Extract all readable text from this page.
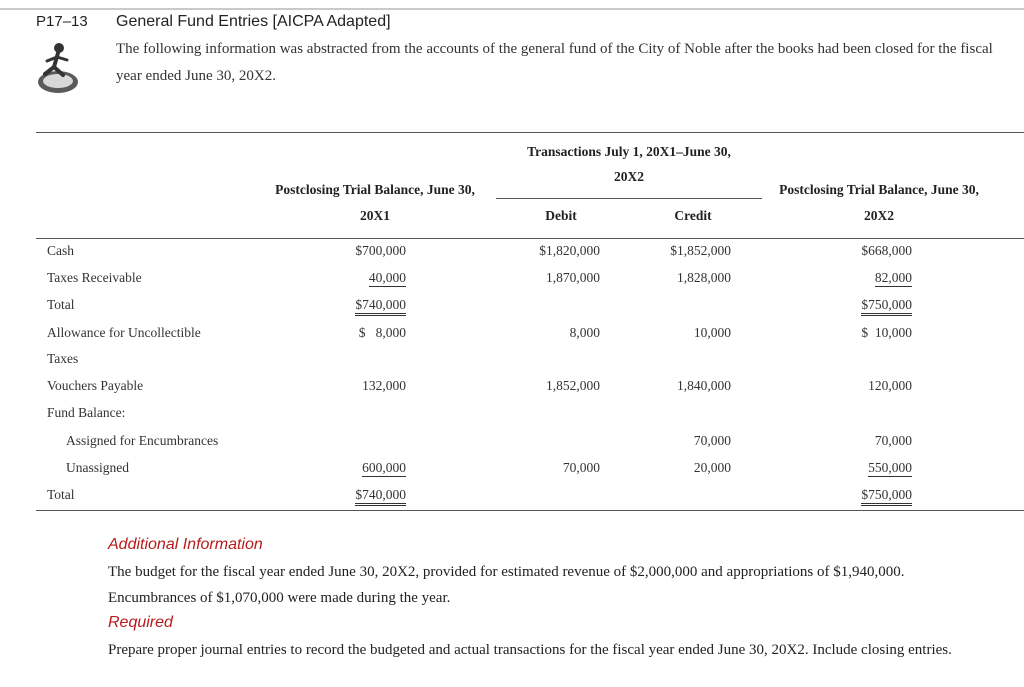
P17–13 General Fund Entries [AICPA Adapted]
The following information was abstracted from the accounts of the general fund of the City of Noble after the books had been closed for the fiscal year ended June 30, 20X2.
Postclosing Trial Balance, June 30,
20X1
Transactions July 1, 20X1–June 30,
20X2
Debit	Credit
Postclosing Trial Balance, June 30,
20X2
Cash
Taxes Receivable
Total
Allowance for Uncollectible
Taxes
Vouchers Payable
Fund Balance:
Assigned for Encumbrances
Unassigned
Total
$700,000
40,000
$740,000
$   8,000
132,000
600,000
$740,000
$1,820,000
1,870,000
8,000
1,852,000
70,000
$1,852,000
1,828,000
10,000
1,840,000
70,000
20,000
$668,000
82,000
$750,000
$  10,000
120,000
70,000
550,000
$750,000
Additional Information
The budget for the fiscal year ended June 30, 20X2, provided for estimated revenue of $2,000,000 and appropriations of $1,940,000. Encumbrances of $1,070,000 were made during the year.
Required
Prepare proper journal entries to record the budgeted and actual transactions for the fiscal year ended June 30, 20X2. Include closing entries.
